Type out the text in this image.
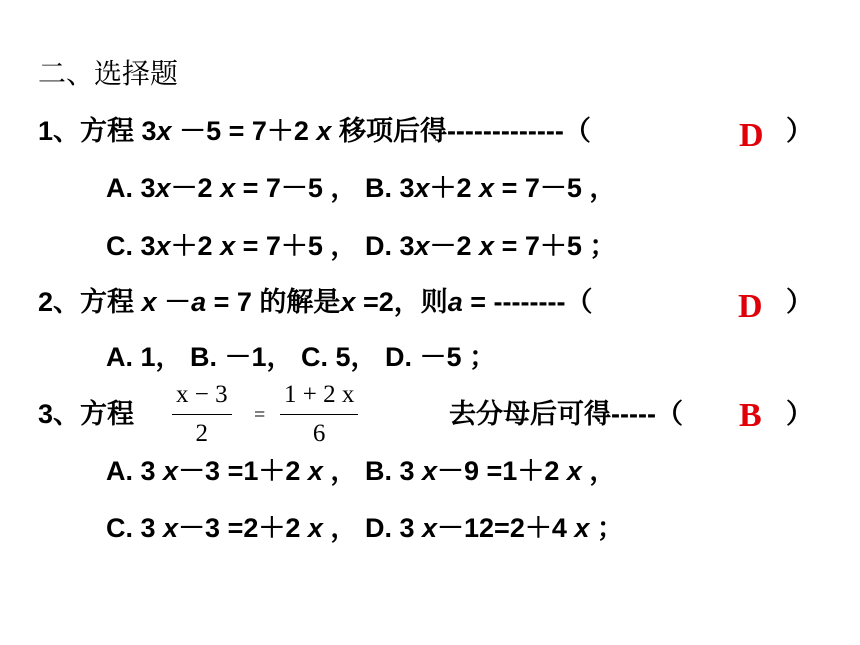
二、选择题
1、方程 3x －5 = 7＋2 x 移项后得-------------（	D ）
A. 3x－2 x = 7－5 ， B. 3x＋2 x = 7－5 ，
C. 3x＋2 x = 7＋5 ， D. 3x－2 x = 7＋5 ；
2、方程 x －a = 7 的解是x =2，则a = --------（	D ）
A. 1， B. －1， C. 5， D. －5 ；
3、方程
x − 3
2
=
1 + 2 x
6
去分母后可得-----（ B ）
A. 3 x－3 =1＋2 x ， B. 3 x－9 =1＋2 x ，
C. 3 x－3 =2＋2 x ， D. 3 x－12=2＋4 x ；
